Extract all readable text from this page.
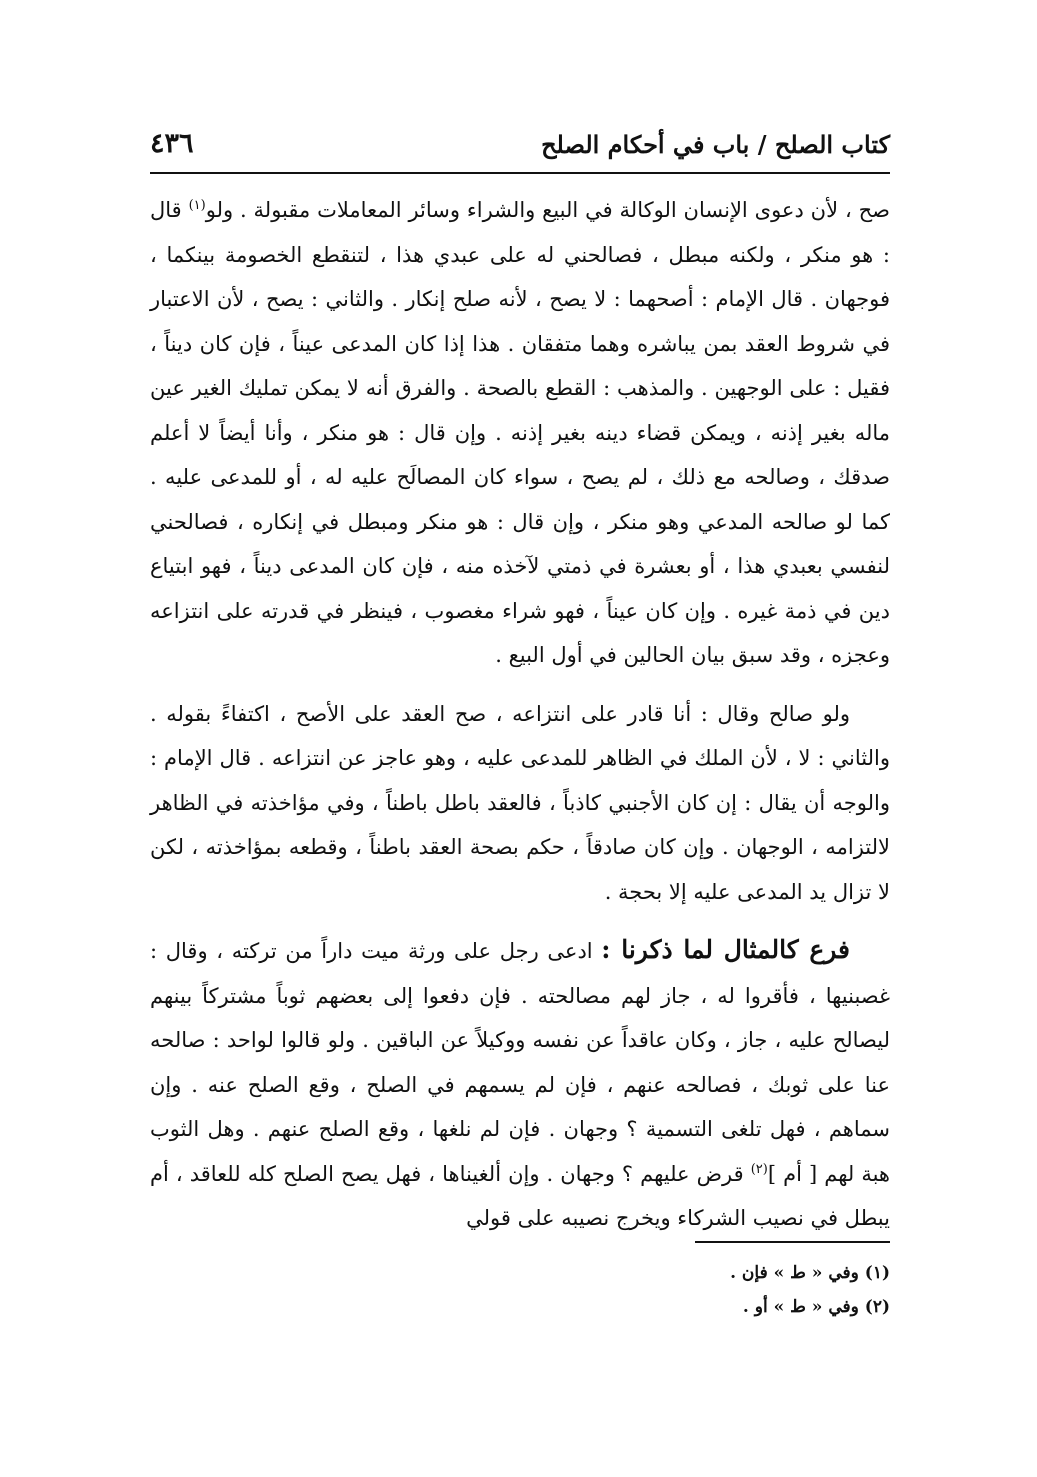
٤٣٦	كتاب الصلح / باب في أحكام الصلح

صح ، لأن دعوى الإنسان الوكالة في البيع والشراء وسائر المعاملات مقبولة . ولو$^{(١)}$ قال : هو منكر ، ولكنه مبطل ، فصالحني له على عبدي هذا ، لتنقطع الخصومة بينكما ، فوجهان . قال الإمام : أصحهما : لا يصح ، لأنه صلح إنكار . والثاني : يصح ، لأن الاعتبار في شروط العقد بمن يباشره وهما متفقان . هذا إذا كان المدعى عيناً ، فإن كان ديناً ، فقيل : على الوجهين . والمذهب : القطع بالصحة . والفرق أنه لا يمكن تمليك الغير عين ماله بغير إذنه ، ويمكن قضاء دينه بغير إذنه . وإن قال : هو منكر ، وأنا أيضاً لا أعلم صدقك ، وصالحه مع ذلك ، لم يصح ، سواء كان المصالَح عليه له ، أو للمدعى عليه . كما لو صالحه المدعي وهو منكر ، وإن قال : هو منكر ومبطل في إنكاره ، فصالحني لنفسي بعبدي هذا ، أو بعشرة في ذمتي لآخذه منه ، فإن كان المدعى ديناً ، فهو ابتياع دين في ذمة غيره . وإن كان عيناً ، فهو شراء مغصوب ، فينظر في قدرته على انتزاعه وعجزه ، وقد سبق بيان الحالين في أول البيع .

ولو صالح وقال : أنا قادر على انتزاعه ، صح العقد على الأصح ، اكتفاءً بقوله . والثاني : لا ، لأن الملك في الظاهر للمدعى عليه ، وهو عاجز عن انتزاعه . قال الإمام : والوجه أن يقال : إن كان الأجنبي كاذباً ، فالعقد باطل باطناً ، وفي مؤاخذته في الظاهر لالتزامه ، الوجهان . وإن كان صادقاً ، حكم بصحة العقد باطناً ، وقطعه بمؤاخذته ، لكن لا تزال يد المدعى عليه إلا بحجة .

فرع كالمثال لما ذكرنا : ادعى رجل على ورثة ميت داراً من تركته ، وقال : غصبنيها ، فأقروا له ، جاز لهم مصالحته . فإن دفعوا إلى بعضهم ثوباً مشتركاً بينهم ليصالح عليه ، جاز ، وكان عاقداً عن نفسه ووكيلاً عن الباقين . ولو قالوا لواحد : صالحه عنا على ثوبك ، فصالحه عنهم ، فإن لم يسمهم في الصلح ، وقع الصلح عنه . وإن سماهم ، فهل تلغى التسمية ؟ وجهان . فإن لم نلغها ، وقع الصلح عنهم . وهل الثوب هبة لهم [ أم ]$^{(٢)}$ قرض عليهم ؟ وجهان . وإن ألغيناها ، فهل يصح الصلح كله للعاقد ، أم يبطل في نصيب الشركاء ويخرج نصيبه على قولي

(١) وفي « ط » فإن .

(٢) وفي « ط » أو .
